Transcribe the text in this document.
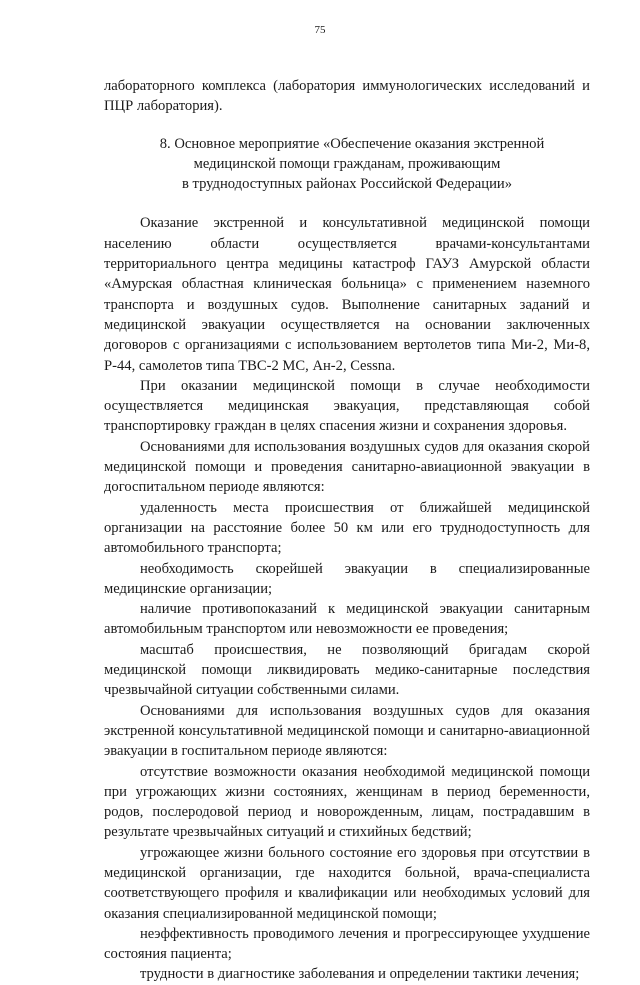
75

лабораторного комплекса (лаборатория иммунологических исследований и ПЦР лаборатория).

8. Основное мероприятие «Обеспечение оказания экстренной
медицинской помощи гражданам, проживающим
в труднодоступных районах Российской Федерации»

Оказание экстренной и консультативной медицинской помощи населению области осуществляется врачами-консультантами территориального центра медицины катастроф ГАУЗ Амурской области «Амурская областная клиническая больница» с применением наземного транспорта и воздушных судов. Выполнение санитарных заданий и медицинской эвакуации осуществляется на основании заключенных договоров с организациями с использованием вертолетов типа Ми-2, Ми-8, Р-44, самолетов типа ТВС-2 МС, Ан-2, Cessna.

При оказании медицинской помощи в случае необходимости осуществляется медицинская эвакуация, представляющая собой транспортировку граждан в целях спасения жизни и сохранения здоровья.

Основаниями для использования воздушных судов для оказания скорой медицинской помощи и проведения санитарно-авиационной эвакуации в догоспитальном периоде являются:

удаленность места происшествия от ближайшей медицинской организации на расстояние более 50 км или его труднодоступность для автомобильного транспорта;

необходимость скорейшей эвакуации в специализированные медицинские организации;

наличие противопоказаний к медицинской эвакуации санитарным автомобильным транспортом или невозможности ее проведения;

масштаб происшествия, не позволяющий бригадам скорой медицинской помощи ликвидировать медико-санитарные последствия чрезвычайной ситуации собственными силами.

Основаниями для использования воздушных судов для оказания экстренной консультативной медицинской помощи и санитарно-авиационной эвакуации в госпитальном периоде являются:

отсутствие возможности оказания необходимой медицинской помощи при угрожающих жизни состояниях, женщинам в период беременности, родов, послеродовой период и новорожденным, лицам, пострадавшим в результате чрезвычайных ситуаций и стихийных бедствий;

угрожающее жизни больного состояние его здоровья при отсутствии в медицинской организации, где находится больной, врача-специалиста соответствующего профиля и квалификации или необходимых условий для оказания специализированной медицинской помощи;

неэффективность проводимого лечения и прогрессирующее ухудшение состояния пациента;

трудности в диагностике заболевания и определении тактики лечения;
